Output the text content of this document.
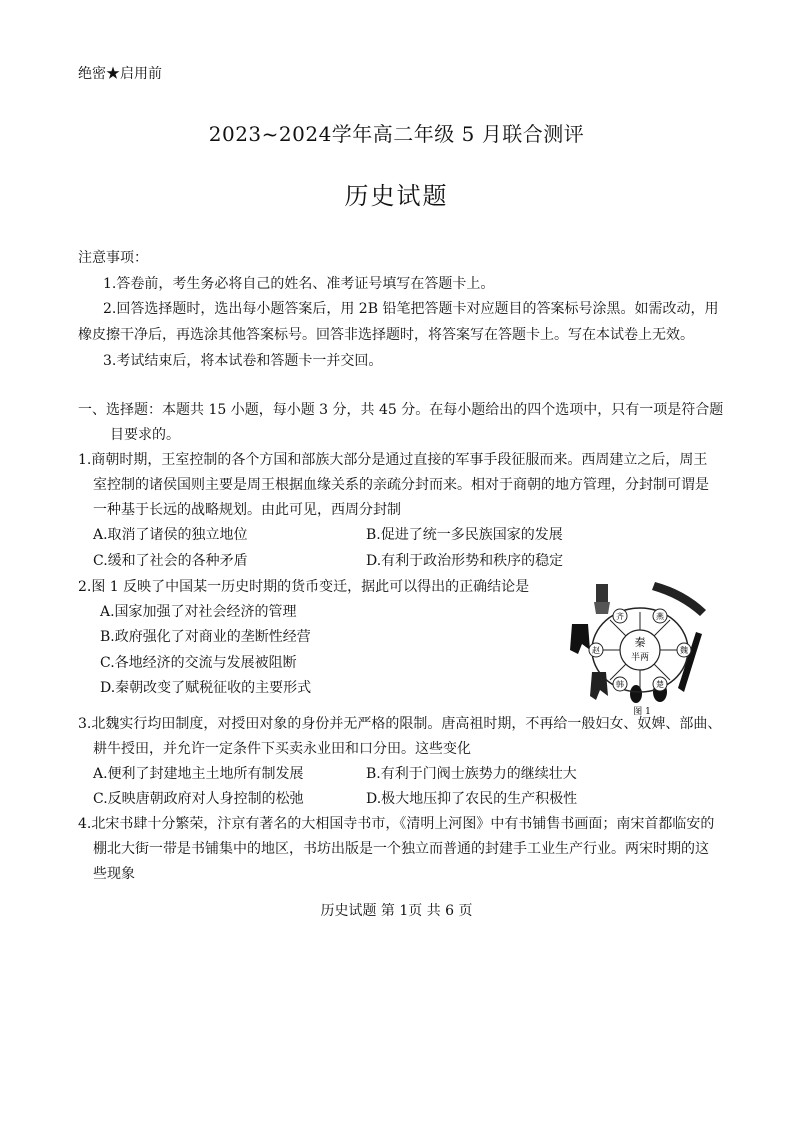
绝密★启用前
2023~2024学年高二年级 5 月联合测评
历史试题
注意事项：
1.答卷前，考生务必将自己的姓名、准考证号填写在答题卡上。
2.回答选择题时，选出每小题答案后，用 2B 铅笔把答题卡对应题目的答案标号涂黑。如需改动，用
橡皮擦干净后，再选涂其他答案标号。回答非选择题时，将答案写在答题卡上。写在本试卷上无效。
3.考试结束后，将本试卷和答题卡一并交回。
一、选择题：本题共 15 小题，每小题 3 分，共 45 分。在每小题给出的四个选项中，只有一项是符合题
目要求的。
1.商朝时期，王室控制的各个方国和部族大部分是通过直接的军事手段征服而来。西周建立之后，周王
室控制的诸侯国则主要是周王根据血缘关系的亲疏分封而来。相对于商朝的地方管理，分封制可谓是
一种基于长远的战略规划。由此可见，西周分封制
A.取消了诸侯的独立地位	B.促进了统一多民族国家的发展
C.缓和了社会的各种矛盾	D.有利于政治形势和秩序的稳定
2.图 1 反映了中国某一历史时期的货币变迁，据此可以得出的正确结论是
A.国家加强了对社会经济的管理
B.政府强化了对商业的垄断性经营
C.各地经济的交流与发展被阻断
D.秦朝改变了赋税征收的主要形式
齐	燕
赵	魏
韩	楚
秦
半两
图 1
3.北魏实行均田制度，对授田对象的身份并无严格的限制。唐高祖时期，不再给一般妇女、奴婢、部曲、
耕牛授田，并允许一定条件下买卖永业田和口分田。这些变化
A.便利了封建地主土地所有制发展	B.有利于门阀士族势力的继续壮大
C.反映唐朝政府对人身控制的松弛	D.极大地压抑了农民的生产积极性
4.北宋书肆十分繁荣，汴京有著名的大相国寺书市，《清明上河图》中有书铺售书画面；南宋首都临安的
棚北大街一带是书铺集中的地区，书坊出版是一个独立而普通的封建手工业生产行业。两宋时期的这
些现象
历史试题 第 1页 共 6 页
